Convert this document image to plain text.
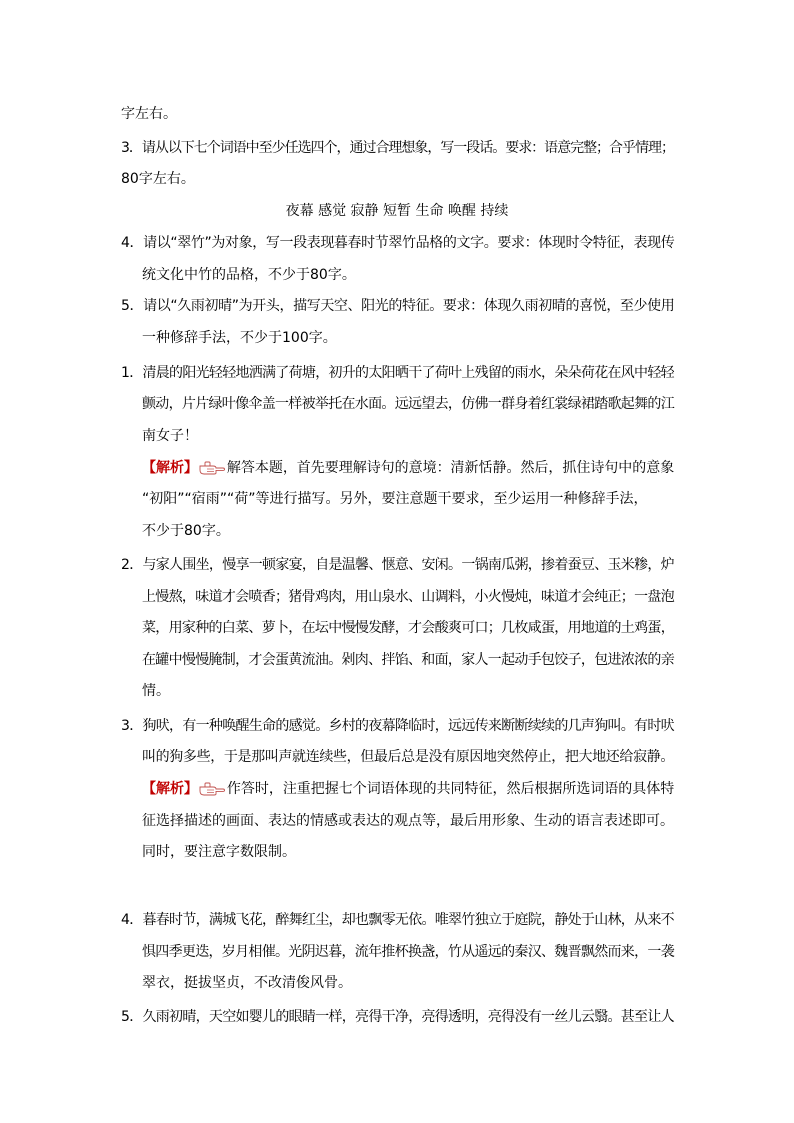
字左右。
3．请从以下七个词语中至少任选四个，通过合理想象，写一段话。要求：语意完整；合乎情理；
80字左右。
夜幕 感觉 寂静 短暂 生命 唤醒 持续
4．请以“翠竹”为对象，写一段表现暮春时节翠竹品格的文字。要求：体现时令特征，表现传
统文化中竹的品格，不少于80字。
5．请以“久雨初晴”为开头，描写天空、阳光的特征。要求：体现久雨初晴的喜悦，至少使用
一种修辞手法，不少于100字。
1．清晨的阳光轻轻地洒满了荷塘，初升的太阳晒干了荷叶上残留的雨水，朵朵荷花在风中轻轻
颤动，片片绿叶像伞盖一样被举托在水面。远远望去，仿佛一群身着红裳绿裙踏歌起舞的江
南女子！
【解析】 解答本题，首先要理解诗句的意境：清新恬静。然后，抓住诗句中的意象
“初阳”“宿雨”“荷”等进行描写。另外，要注意题干要求，至少运用一种修辞手法，
不少于80字。
2．与家人围坐，慢享一顿家宴，自是温馨、惬意、安闲。一锅南瓜粥，掺着蚕豆、玉米糁，炉
上慢熬，味道才会喷香；猪骨鸡肉，用山泉水、山调料，小火慢炖，味道才会纯正；一盘泡
菜，用家种的白菜、萝卜，在坛中慢慢发酵，才会酸爽可口；几枚咸蛋，用地道的土鸡蛋，
在罐中慢慢腌制，才会蛋黄流油。剁肉、拌馅、和面，家人一起动手包饺子，包进浓浓的亲
情。
3．狗吠，有一种唤醒生命的感觉。乡村的夜幕降临时，远远传来断断续续的几声狗叫。有时吠
叫的狗多些，于是那叫声就连续些，但最后总是没有原因地突然停止，把大地还给寂静。
【解析】 作答时，注重把握七个词语体现的共同特征，然后根据所选词语的具体特
征选择描述的画面、表达的情感或表达的观点等，最后用形象、生动的语言表述即可。
同时，要注意字数限制。
4．暮春时节，满城飞花，醉舞红尘，却也飘零无依。唯翠竹独立于庭院，静处于山林，从来不
惧四季更迭，岁月相催。光阴迟暮，流年推杯换盏，竹从遥远的秦汉、魏晋飘然而来，一袭
翠衣，挺拔坚贞，不改清俊风骨。
5．久雨初晴，天空如婴儿的眼睛一样，亮得干净，亮得透明，亮得没有一丝儿云翳。甚至让人
